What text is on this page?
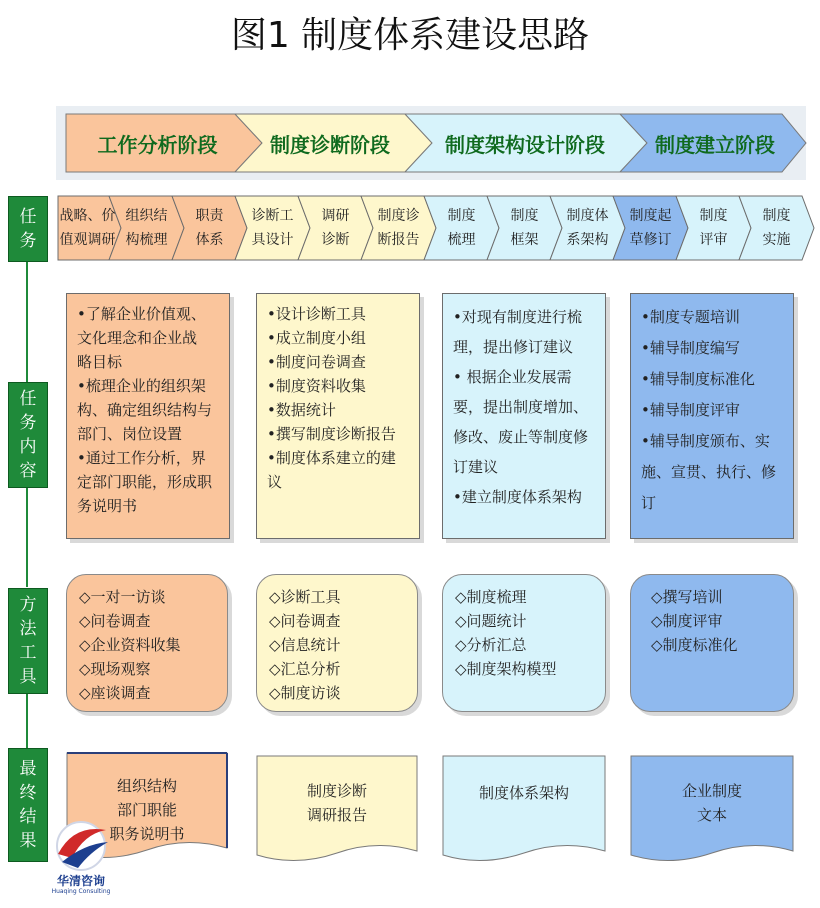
图1 制度体系建设思路
任务
任务内容
方法工具
最终结果
工作分析阶段	制度诊断阶段	制度架构设计阶段	制度建立阶段
战略、价
值观调研
组织结
构梳理
职责
体系
诊断工
具设计
调研
诊断
制度诊
断报告
制度
梳理
制度
框架
制度体
系架构
制度起
草修订
制度
评审
制度
实施
•了解企业价值观、
文化理念和企业战
略目标
•梳理企业的组织架
构、确定组织结构与
部门、岗位设置
•通过工作分析，界
定部门职能，形成职
务说明书
•设计诊断工具
•成立制度小组
•制度问卷调查
•制度资料收集
•数据统计
•撰写制度诊断报告
•制度体系建立的建
议
•对现有制度进行梳
理，提出修订建议
• 根据企业发展需
要，提出制度增加、
修改、废止等制度修
订建议
•建立制度体系架构
•制度专题培训
•辅导制度编写
•辅导制度标准化
•辅导制度评审
•辅导制度颁布、实
施、宣贯、执行、修
订
◇一对一访谈
◇问卷调查
◇企业资料收集
◇现场观察
◇座谈调查
◇诊断工具
◇问卷调查
◇信息统计
◇汇总分析
◇制度访谈
◇制度梳理
◇问题统计
◇分析汇总
◇制度架构模型
◇撰写培训
◇制度评审
◇制度标准化
组织结构
部门职能
职务说明书
制度诊断
调研报告
制度体系架构	企业制度
文本
华清咨询
Huaqing Consulting
